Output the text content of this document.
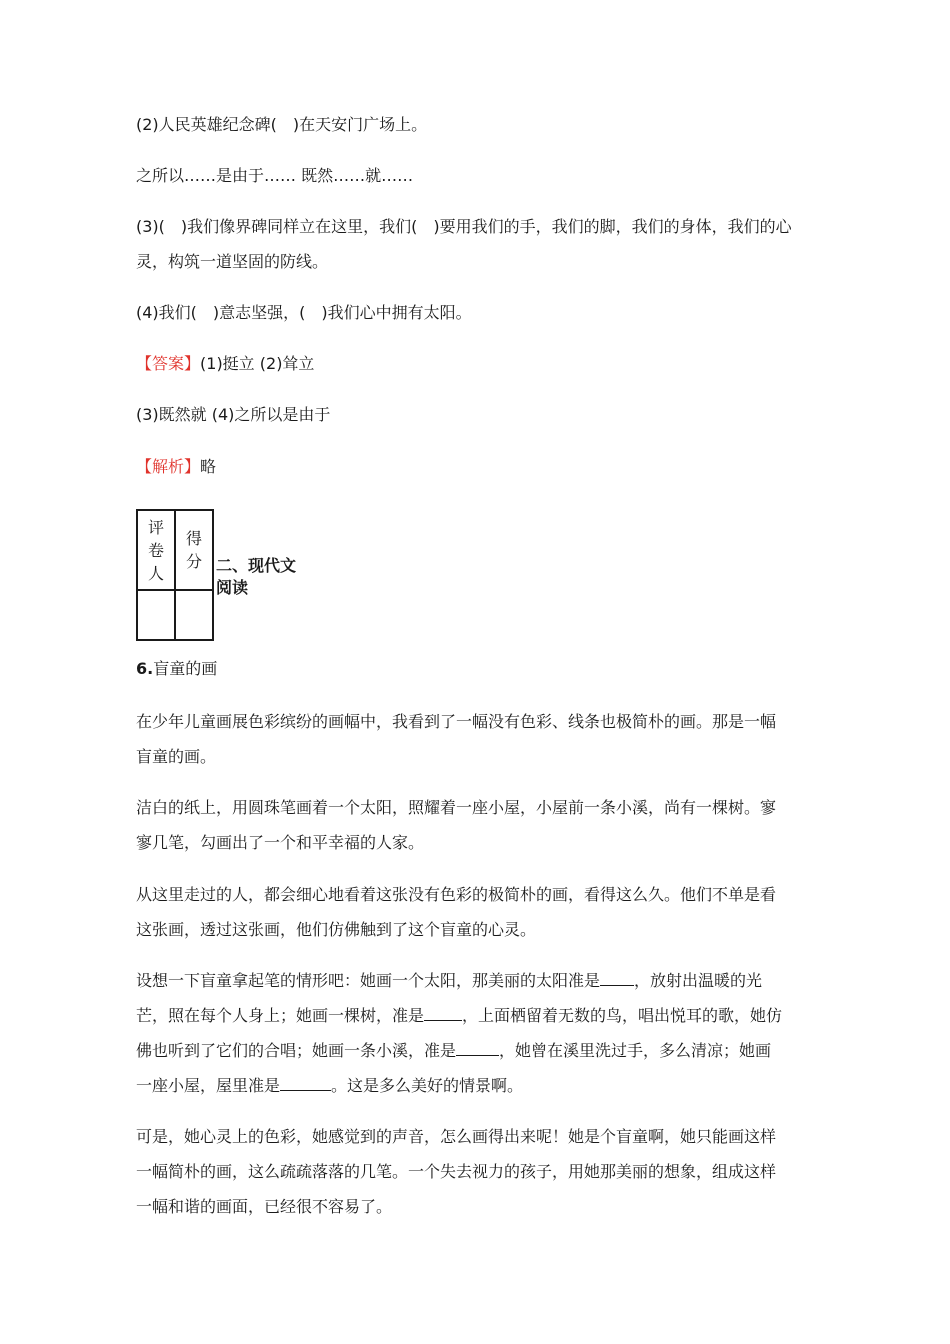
(2)人民英雄纪念碑(　)在天安门广场上。
之所以……是由于…… 既然……就……
(3)(　)我们像界碑同样立在这里，我们(　)要用我们的手，我们的脚，我们的身体，我们的心
灵，构筑一道坚固的防线。
(4)我们(　)意志坚强，(　)我们心中拥有太阳。
【答案】(1)挺立 (2)耸立
(3)既然就 (4)之所以是由于
【解析】略
评卷人	得分

	二、现代文阅读
6.盲童的画
在少年儿童画展色彩缤纷的画幅中，我看到了一幅没有色彩、线条也极简朴的画。那是一幅
盲童的画。
洁白的纸上，用圆珠笔画着一个太阳，照耀着一座小屋，小屋前一条小溪，尚有一棵树。寥
寥几笔，勾画出了一个和平幸福的人家。
从这里走过的人，都会细心地看着这张没有色彩的极简朴的画，看得这么久。他们不单是看
这张画，透过这张画，他们仿佛触到了这个盲童的心灵。
设想一下盲童拿起笔的情形吧：她画一个太阳，那美丽的太阳准是 ，放射出温暖的光
芒，照在每个人身上；她画一棵树，准是 ，上面栖留着无数的鸟，唱出悦耳的歌，她仿
佛也听到了它们的合唱；她画一条小溪，准是	，她曾在溪里洗过手，多么清凉；她画
一座小屋，屋里准是	。这是多么美好的情景啊。
可是，她心灵上的色彩，她感觉到的声音，怎么画得出来呢！她是个盲童啊，她只能画这样
一幅简朴的画，这么疏疏落落的几笔。一个失去视力的孩子，用她那美丽的想象，组成这样
一幅和谐的画面，已经很不容易了。
